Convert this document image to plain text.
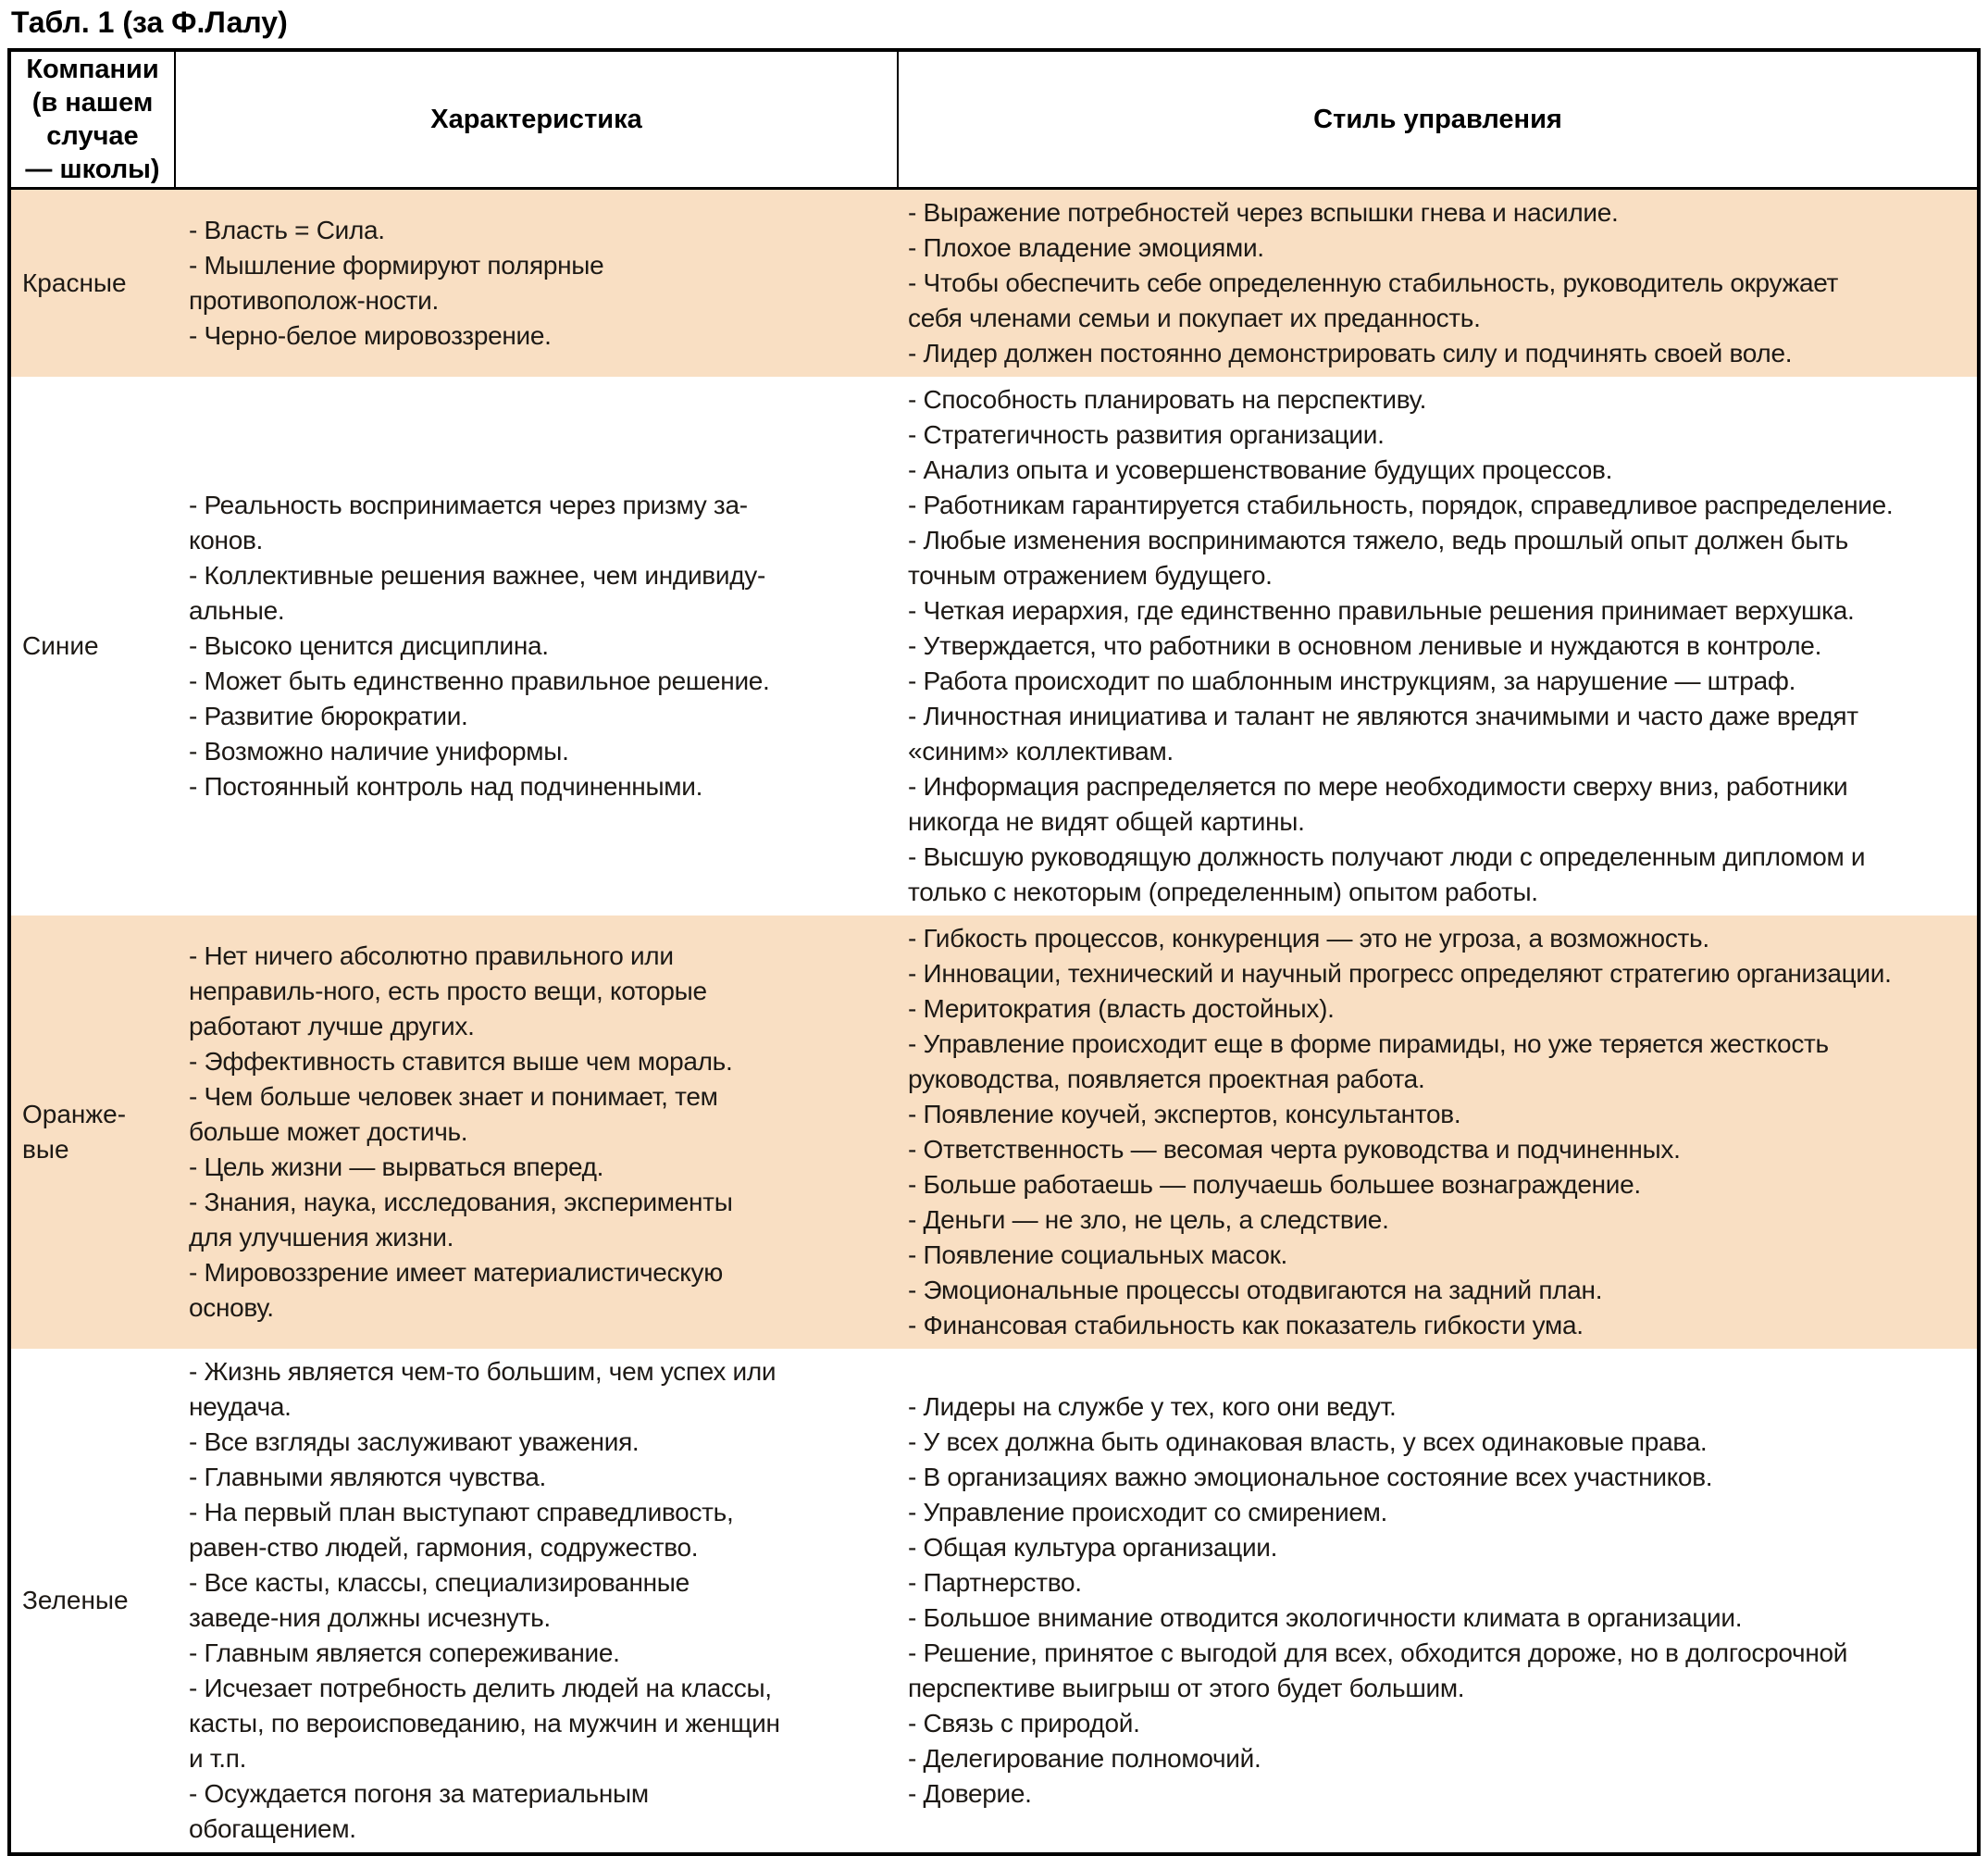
Табл. 1 (за Ф.Лалу)
Компании
(в нашем
случае
— школы)
Характеристика	Стиль управления
Красные
- Власть = Сила.
- Мышление формируют полярные противополож-ности.
- Черно-белое мировоззрение.
- Выражение потребностей через вспышки гнева и насилие.
- Плохое владение эмоциями.
- Чтобы обеспечить себе определенную стабильность, руководитель окружает себя членами семьи и покупает их преданность.
- Лидер должен постоянно демонстрировать силу и подчинять своей воле.
Синие
- Реальность воспринимается через призму за-конов.
- Коллективные решения важнее, чем индивиду-альные.
- Высоко ценится дисциплина.
- Может быть единственно правильное решение.
- Развитие бюрократии.
- Возможно наличие униформы.
- Постоянный контроль над подчиненными.
- Способность планировать на перспективу.
- Стратегичность развития организации.
- Анализ опыта и усовершенствование будущих процессов.
- Работникам гарантируется стабильность, порядок, справедливое распределение.
- Любые изменения воспринимаются тяжело, ведь прошлый опыт должен быть точным отражением будущего.
- Четкая иерархия, где единственно правильные решения принимает верхушка.
- Утверждается, что работники в основном ленивые и нуждаются в контроле.
- Работа происходит по шаблонным инструкциям, за нарушение — штраф.
- Личностная инициатива и талант не являются значимыми и часто даже вредят «синим» коллективам.
- Информация распределяется по мере необходимости сверху вниз, работники никогда не видят общей картины.
- Высшую руководящую должность получают люди с определенным дипломом и только с некоторым (определенным) опытом работы.
Оранже-
вые
- Нет ничего абсолютно правильного или неправиль-ного, есть просто вещи, которые работают лучше других.
- Эффективность ставится выше чем мораль.
- Чем больше человек знает и понимает, тем больше может достичь.
- Цель жизни — вырваться вперед.
- Знания, наука, исследования, эксперименты для улучшения жизни.
- Мировоззрение имеет материалистическую основу.
- Гибкость процессов, конкуренция — это не угроза, а возможность.
- Инновации, технический и научный прогресс определяют стратегию организации.
- Меритократия (власть достойных).
- Управление происходит еще в форме пирамиды, но уже теряется жесткость руководства, появляется проектная работа.
- Появление коучей, экспертов, консультантов.
- Ответственность — весомая черта руководства и подчиненных.
- Больше работаешь — получаешь большее вознаграждение.
- Деньги — не зло, не цель, а следствие.
- Появление социальных масок.
- Эмоциональные процессы отодвигаются на задний план.
- Финансовая стабильность как показатель гибкости ума.
Зеленые
- Жизнь является чем-то большим, чем успех или неудача.
- Все взгляды заслуживают уважения.
- Главными являются чувства.
- На первый план выступают справедливость, равен-ство людей, гармония, содружество.
- Все касты, классы, специализированные заведе-ния должны исчезнуть.
- Главным является сопереживание.
- Исчезает потребность делить людей на классы, касты, по вероисповеданию, на мужчин и женщин и т.п.
- Осуждается погоня за материальным обогащением.
- Лидеры на службе у тех, кого они ведут.
- У всех должна быть одинаковая власть, у всех одинаковые права.
- В организациях важно эмоциональное состояние всех участников.
- Управление происходит со смирением.
- Общая культура организации.
- Партнерство.
- Большое внимание отводится экологичности климата в организации.
- Решение, принятое с выгодой для всех, обходится дороже, но в долгосрочной перспективе выигрыш от этого будет большим.
- Связь с природой.
- Делегирование полномочий.
- Доверие.
